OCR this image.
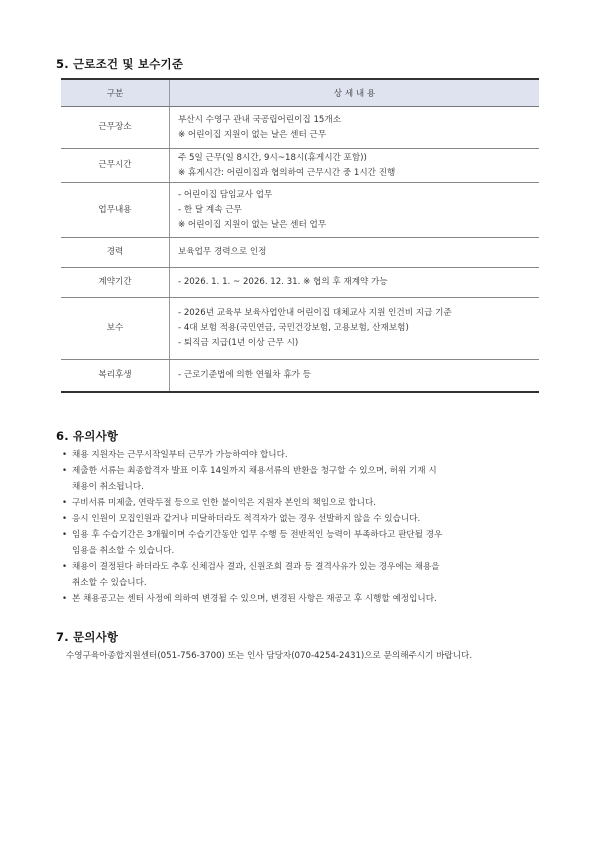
5. 근로조건 및 보수기준
구분	상 세 내 용
근무장소	부산시 수영구 관내 국공립어린이집 15개소
※ 어린이집 지원이 없는 날은 센터 근무

근무시간	주 5일 근무(일 8시간, 9시~18시(휴게시간 포함))
※ 휴게시간: 어린이집과 협의하여 근무시간 중 1시간 진행

업무내용	- 어린이집 담임교사 업무
- 한 달 계속 근무
※ 어린이집 지원이 없는 날은 센터 업무

경력	보육업무 경력으로 인정

계약기간	- 2026. 1. 1. ~ 2026. 12. 31. ※ 협의 후 재계약 가능

보수	- 2026년 교육부 보육사업안내 어린이집 대체교사 지원 인건비 지급 기준
- 4대 보험 적용(국민연금, 국민건강보험, 고용보험, 산재보험)
- 퇴직금 지급(1년 이상 근무 시)

복리후생	- 근로기준법에 의한 연월차 휴가 등
6. 유의사항
• 채용 지원자는 근무시작일부터 근무가 가능하여야 합니다.
• 제출한 서류는 최종합격자 발표 이후 14일까지 채용서류의 반환을 청구할 수 있으며, 허위 기재 시
채용이 취소됩니다.
• 구비서류 미제출, 연락두절 등으로 인한 불이익은 지원자 본인의 책임으로 합니다.
• 응시 인원이 모집인원과 같거나 미달하더라도 적격자가 없는 경우 선발하지 않을 수 있습니다.
• 임용 후 수습기간은 3개월이며 수습기간동안 업무 수행 등 전반적인 능력이 부족하다고 판단될 경우
임용을 취소할 수 있습니다.
• 채용이 결정된다 하더라도 추후 신체검사 결과, 신원조회 결과 등 결격사유가 있는 경우에는 채용을
취소할 수 있습니다.
• 본 채용공고는 센터 사정에 의하여 변경될 수 있으며, 변경된 사항은 재공고 후 시행할 예정입니다.
7. 문의사항
수영구육아종합지원센터(051-756-3700) 또는 인사 담당자(070-4254-2431)으로 문의해주시기 바랍니다.
